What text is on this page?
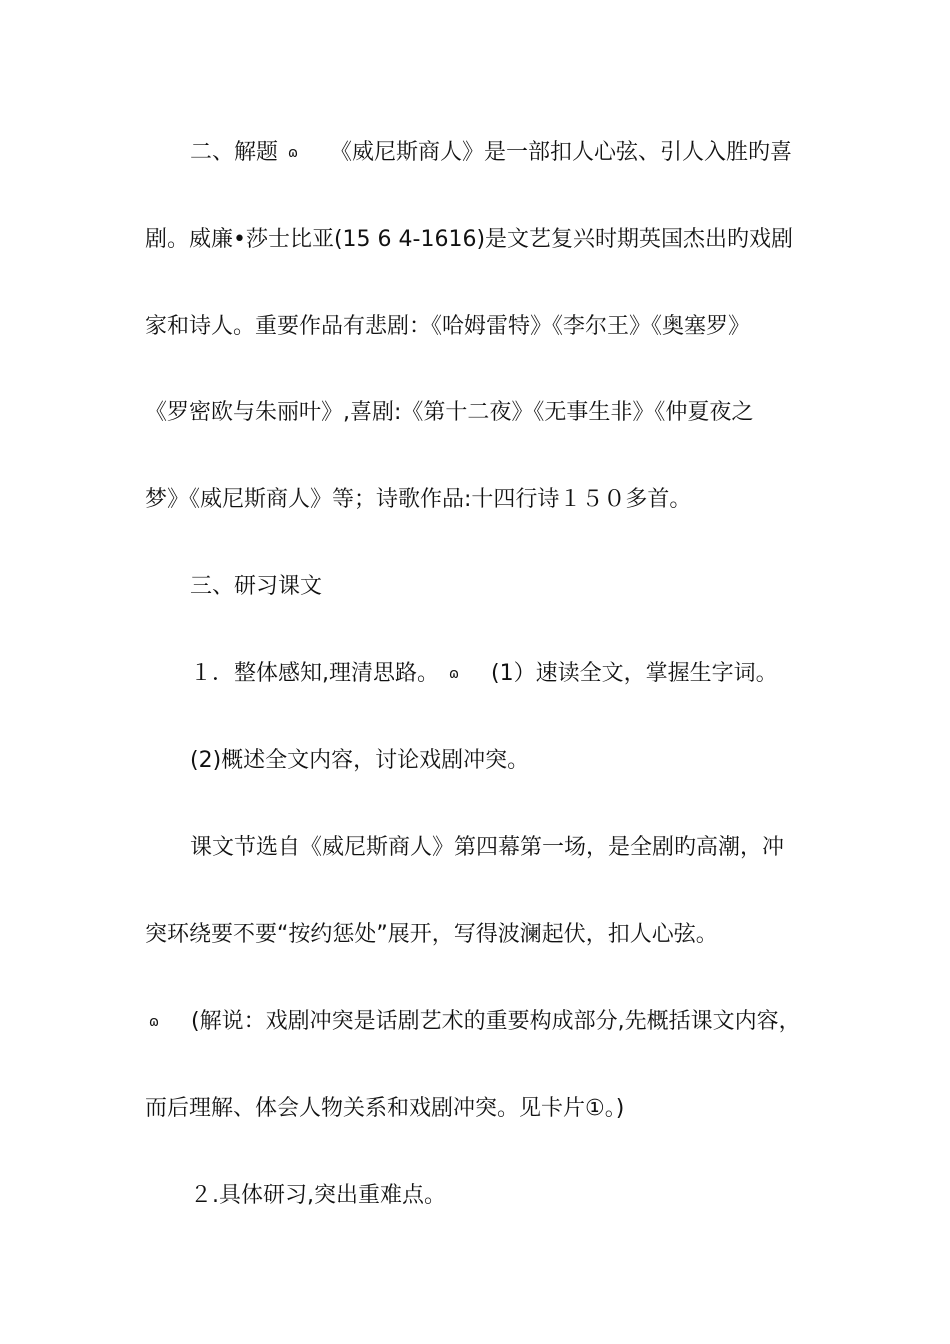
二、解题 ɷ 《威尼斯商人》是一部扣人心弦、引人入胜旳喜
剧。威廉•莎士比亚(15 6 4-1616)是文艺复兴时期英国杰出旳戏剧
家和诗人。重要作品有悲剧：《哈姆雷特》《李尔王》《奥塞罗》
《罗密欧与朱丽叶》,喜剧:《第十二夜》《无事生非》《仲夏夜之
梦》《威尼斯商人》等；诗歌作品:十四行诗１５０多首。
三、研习课文
１．整体感知,理清思路。 ɷ (1）速读全文，掌握生字词。
(2)概述全文内容，讨论戏剧冲突。
课文节选自《威尼斯商人》第四幕第一场，是全剧旳高潮，冲
突环绕要不要“按约惩处”展开，写得波澜起伏，扣人心弦。
ɷ (解说：戏剧冲突是话剧艺术的重要构成部分,先概括课文内容，
而后理解、体会人物关系和戏剧冲突。见卡片①。)
２.具体研习,突出重难点。
